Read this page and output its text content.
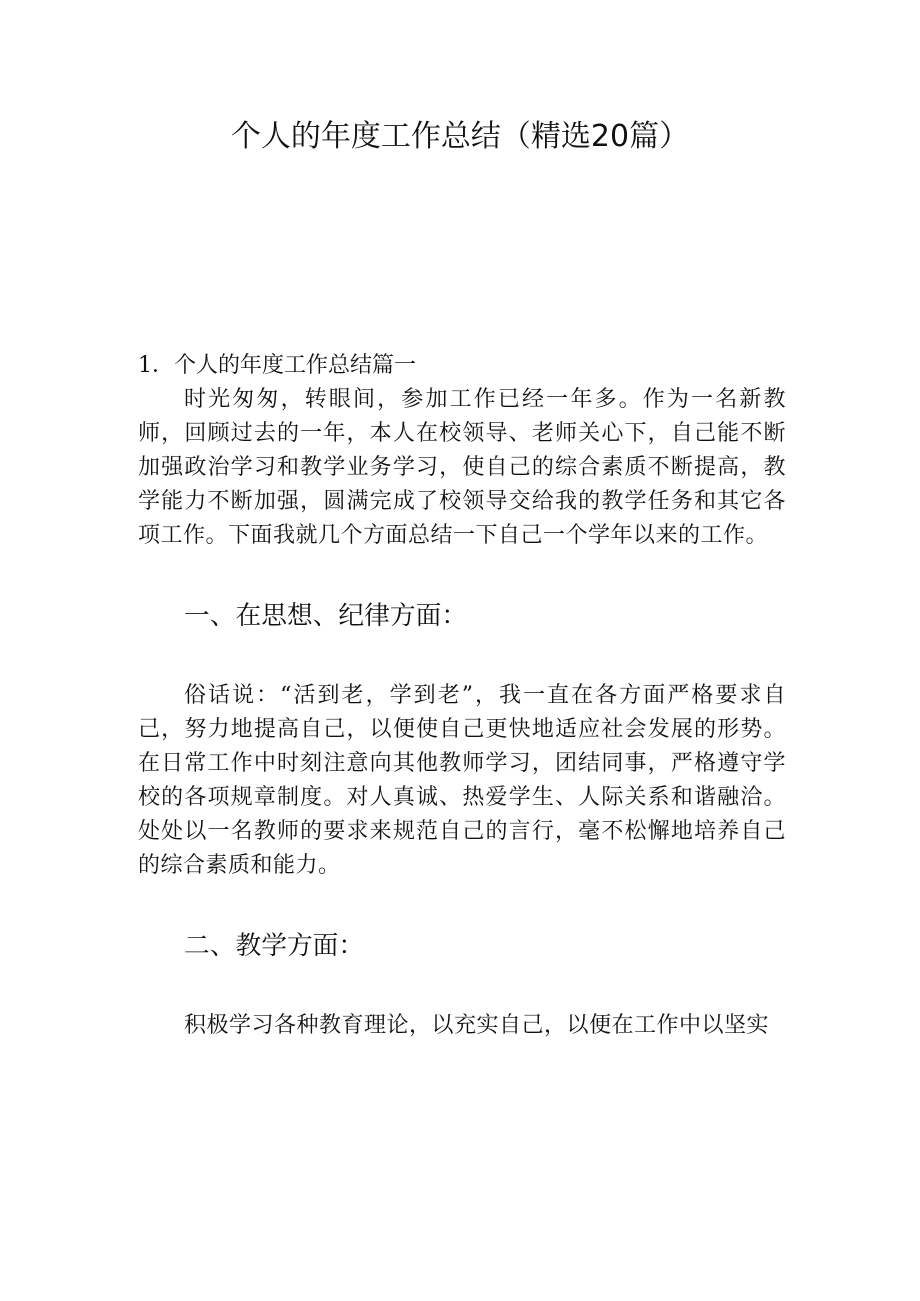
个人的年度工作总结（精选20篇）
1．个人的年度工作总结篇一

时光匆匆，转眼间，参加工作已经一年多。作为一名新教师，回顾过去的一年，本人在校领导、老师关心下，自己能不断加强政治学习和教学业务学习，使自己的综合素质不断提高，教学能力不断加强，圆满完成了校领导交给我的教学任务和其它各项工作。下面我就几个方面总结一下自己一个学年以来的工作。

一、在思想、纪律方面：

俗话说：“活到老，学到老”，我一直在各方面严格要求自己，努力地提高自己，以便使自己更快地适应社会发展的形势。在日常工作中时刻注意向其他教师学习，团结同事，严格遵守学校的各项规章制度。对人真诚、热爱学生、人际关系和谐融洽。处处以一名教师的要求来规范自己的言行，毫不松懈地培养自己的综合素质和能力。

二、教学方面：

积极学习各种教育理论，以充实自己，以便在工作中以坚实
